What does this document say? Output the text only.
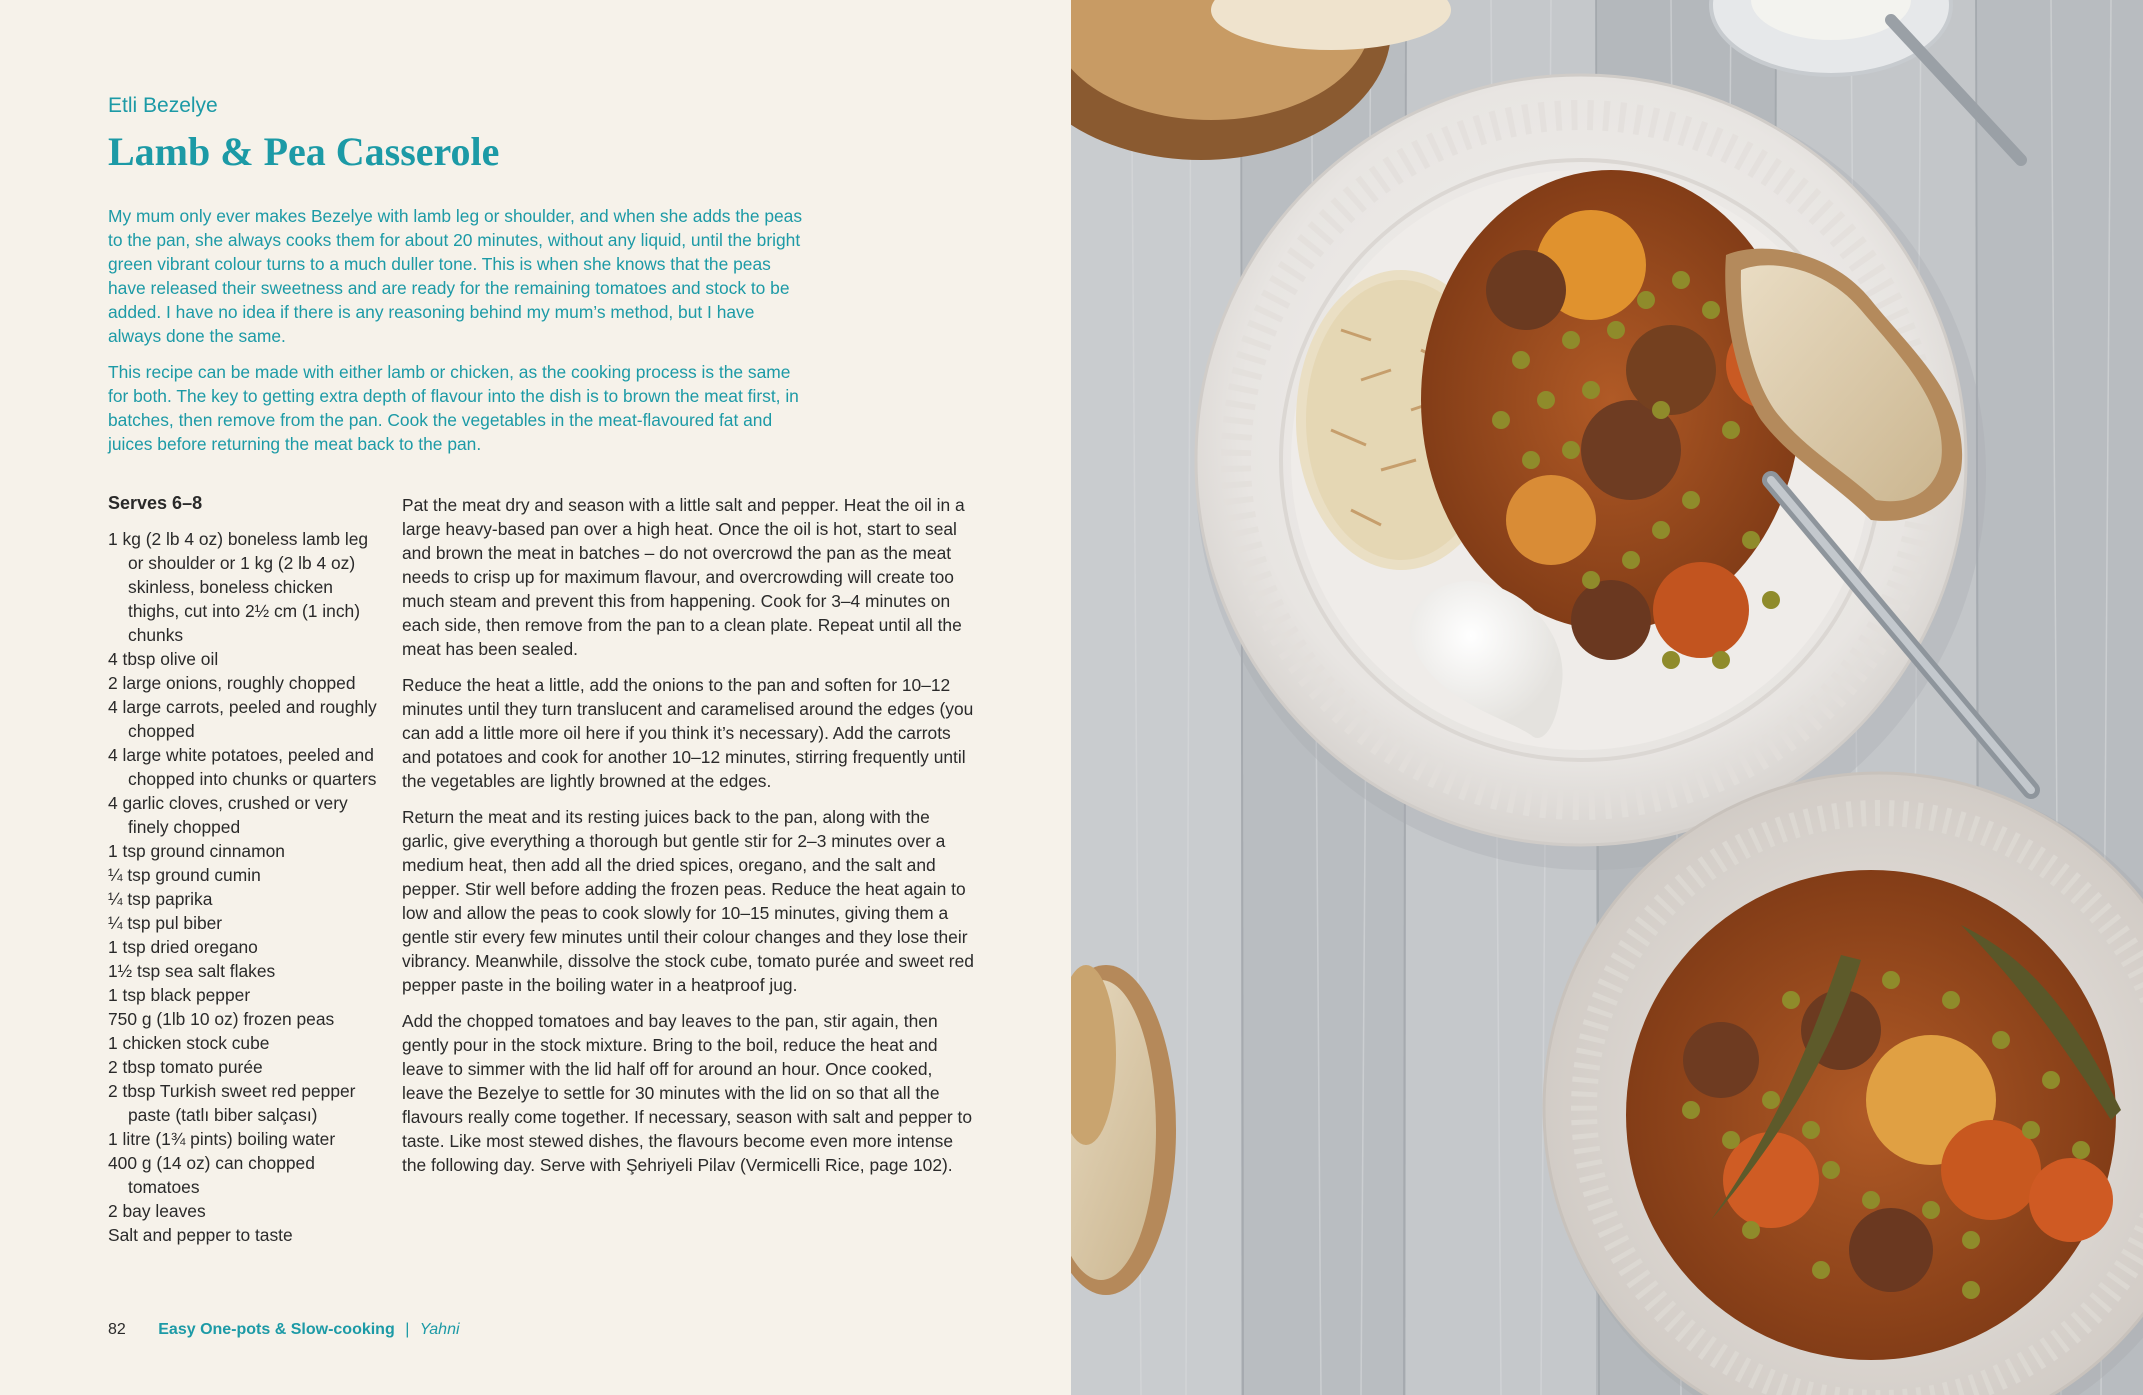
Etli Bezelye
Lamb & Pea Casserole

My mum only ever makes Bezelye with lamb leg or shoulder, and when she adds the peas to the pan, she always cooks them for about 20 minutes, without any liquid, until the bright green vibrant colour turns to a much duller tone. This is when she knows that the peas have released their sweetness and are ready for the remaining tomatoes and stock to be added. I have no idea if there is any reasoning behind my mum’s method, but I have always done the same.

This recipe can be made with either lamb or chicken, as the cooking process is the same for both. The key to getting extra depth of flavour into the dish is to brown the meat first, in batches, then remove from the pan. Cook the vegetables in the meat-flavoured fat and juices before returning the meat back to the pan.

Serves 6–8
1 kg (2 lb 4 oz) boneless lamb leg or shoulder or 1 kg (2 lb 4 oz) skinless, boneless chicken thighs, cut into 2½ cm (1 inch) chunks
4 tbsp olive oil
2 large onions, roughly chopped
4 large carrots, peeled and roughly chopped
4 large white potatoes, peeled and chopped into chunks or quarters
4 garlic cloves, crushed or very finely chopped
1 tsp ground cinnamon
¼ tsp ground cumin
¼ tsp paprika
¼ tsp pul biber
1 tsp dried oregano
1½ tsp sea salt flakes
1 tsp black pepper
750 g (1lb 10 oz) frozen peas
1 chicken stock cube
2 tbsp tomato purée
2 tbsp Turkish sweet red pepper paste (tatlı biber salçası)
1 litre (1¾ pints) boiling water
400 g (14 oz) can chopped tomatoes
2 bay leaves
Salt and pepper to taste

Pat the meat dry and season with a little salt and pepper. Heat the oil in a large heavy-based pan over a high heat. Once the oil is hot, start to seal and brown the meat in batches – do not overcrowd the pan as the meat needs to crisp up for maximum flavour, and overcrowding will create too much steam and prevent this from happening. Cook for 3–4 minutes on each side, then remove from the pan to a clean plate. Repeat until all the meat has been sealed.

Reduce the heat a little, add the onions to the pan and soften for 10–12 minutes until they turn translucent and caramelised around the edges (you can add a little more oil here if you think it’s necessary). Add the carrots and potatoes and cook for another 10–12 minutes, stirring frequently until the vegetables are lightly browned at the edges.

Return the meat and its resting juices back to the pan, along with the garlic, give everything a thorough but gentle stir for 2–3 minutes over a medium heat, then add all the dried spices, oregano, and the salt and pepper. Stir well before adding the frozen peas. Reduce the heat again to low and allow the peas to cook slowly for 10–15 minutes, giving them a gentle stir every few minutes until their colour changes and they lose their vibrancy. Meanwhile, dissolve the stock cube, tomato purée and sweet red pepper paste in the boiling water in a heatproof jug.

Add the chopped tomatoes and bay leaves to the pan, stir again, then gently pour in the stock mixture. Bring to the boil, reduce the heat and leave to simmer with the lid half off for around an hour. Once cooked, leave the Bezelye to settle for 30 minutes with the lid on so that all the flavours really come together. If necessary, season with salt and pepper to taste. Like most stewed dishes, the flavours become even more intense the following day. Serve with Şehriyeli Pilav (Vermicelli Rice, page 102).

82 Easy One-pots & Slow-cooking | Yahni
